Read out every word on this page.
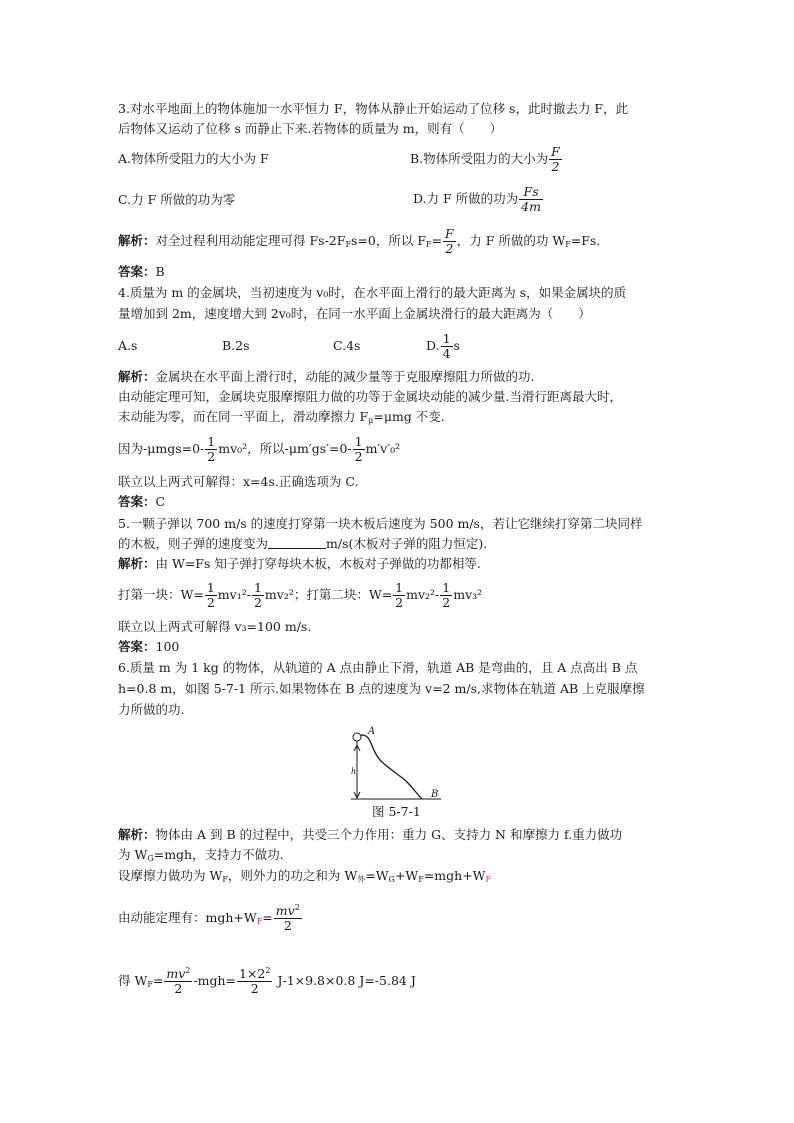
3.对水平地面上的物体施加一水平恒力 F，物体从静止开始运动了位移 s，此时撤去力 F，此
后物体又运动了位移 s 而静止下来.若物体的质量为 m，则有（　　）
A.物体所受阻力的大小为 F	B.物体所受阻力的大小为 $\frac{F}{2}$
C.力 F 所做的功为零	D.力 F 所做的功为 $\frac{Fs}{4m}$
解析：对全过程利用动能定理可得 $Fs-2F_Fs=0$，所以 $F_F= \frac{F}{2}$ ，力 F 所做的功 $W_F=Fs$.
答案：B
4.质量为 m 的金属块，当初速度为 v₀时，在水平面上滑行的最大距离为 s，如果金属块的质
量增加到 2m，速度增大到 2v₀时，在同一水平面上金属块滑行的最大距离为（　　）
A.s	B.2s	C.4s	D. $\frac{1}{4}$ s
解析：金属块在水平面上滑行时，动能的减少量等于克服摩擦阻力所做的功.
由动能定理可知，金属块克服摩擦阻力做的功等于金属块动能的减少量.当滑行距离最大时，
末动能为零，而在同一平面上，滑动摩擦力 $F_\mu=\mu mg$ 不变.
因为$-\mu mgs=0- \frac{1}{2} mv_0^2$，所以$-\mu m'gs'=0- \frac{1}{2} m'v'_0^2$
联立以上两式可解得：x=4s.正确选项为 C.
答案：C
5.一颗子弹以 700 m/s 的速度打穿第一块木板后速度为 500 m/s，若让它继续打穿第二块同样
的木板，则子弹的速度变为	m/s(木板对子弹的阻力恒定).
解析：由 W=Fs 知子弹打穿每块木板，木板对子弹做的功都相等.
打第一块：$W= \frac{1}{2} mv_1^2- \frac{1}{2} mv_2^2$；打第二块：$W= \frac{1}{2} mv_2^2- \frac{1}{2} mv_3^2$
联立以上两式可解得 v₃=100 m/s.
答案：100
6.质量 m 为 1 kg 的物体，从轨道的 A 点由静止下滑，轨道 AB 是弯曲的，且 A 点高出 B 点
h=0.8 m，如图 5-7-1 所示.如果物体在 B 点的速度为 v=2 m/s,求物体在轨道 AB 上克服摩擦
力所做的功.
A
h
B
图 5-7-1
解析：物体由 A 到 B 的过程中，共受三个力作用：重力 G、支持力 N 和摩擦力 f.重力做功
为 $W_G=mgh$，支持力不做功.
设摩擦力做功为 $W_F$，则外力的功之和为 $W_外=W_G+W_F=mgh+W_F$
由动能定理有：$mgh+W_F= \frac{mv^2}{2}$
得 $W_F= \frac{mv^2}{2} -mgh= \frac{1\times 2^2}{2} J-1\times 9.8\times 0.8$ J=-5.84 J
